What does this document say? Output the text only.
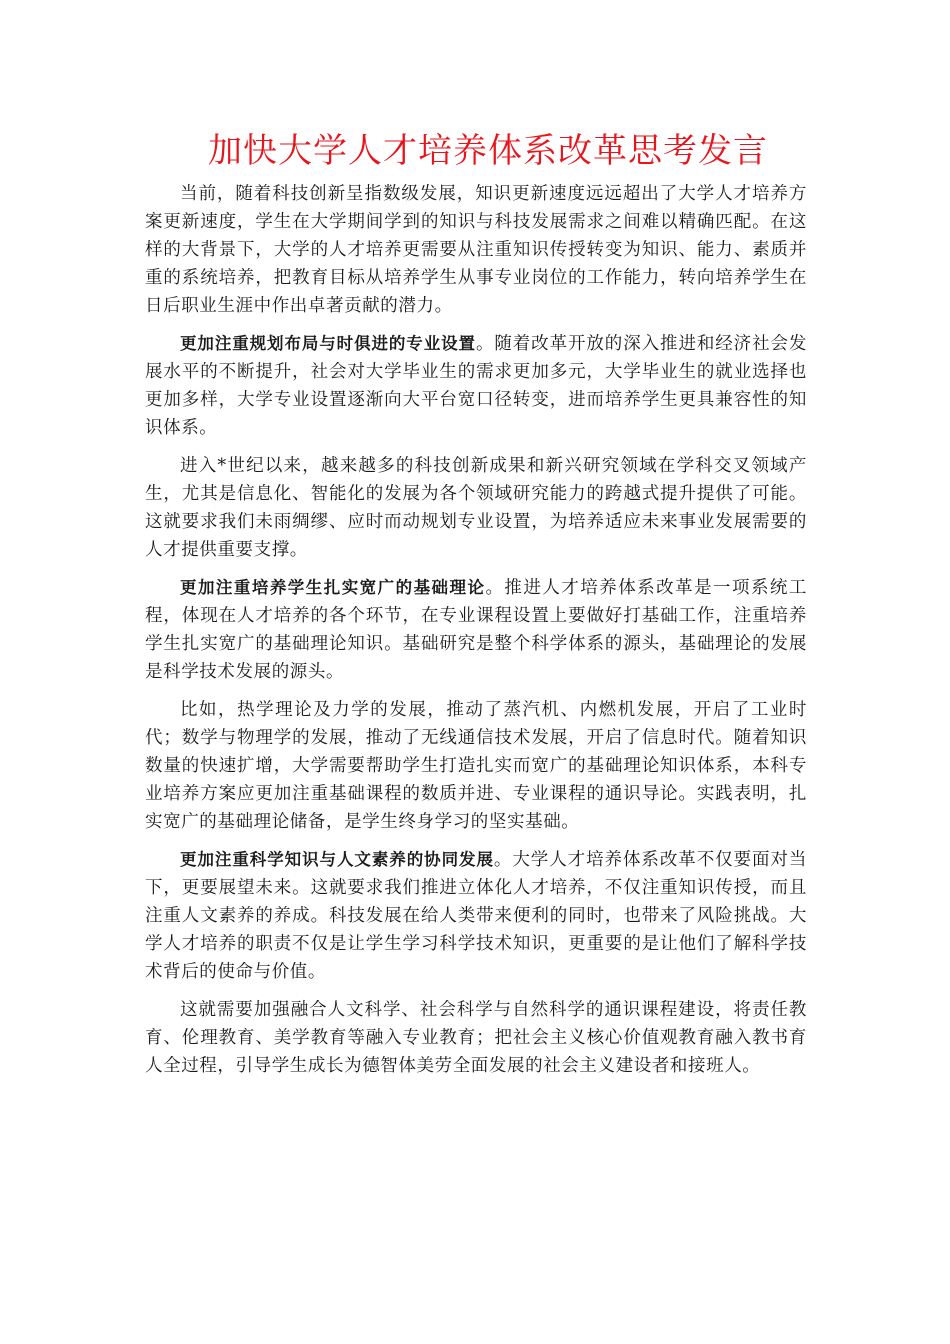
加快大学人才培养体系改革思考发言

当前，随着科技创新呈指数级发展，知识更新速度远远超出了大学人才培养方案更新速度，学生在大学期间学到的知识与科技发展需求之间难以精确匹配。在这样的大背景下，大学的人才培养更需要从注重知识传授转变为知识、能力、素质并重的系统培养，把教育目标从培养学生从事专业岗位的工作能力，转向培养学生在日后职业生涯中作出卓著贡献的潜力。

更加注重规划布局与时俱进的专业设置。随着改革开放的深入推进和经济社会发展水平的不断提升，社会对大学毕业生的需求更加多元，大学毕业生的就业选择也更加多样，大学专业设置逐渐向大平台宽口径转变，进而培养学生更具兼容性的知识体系。

进入*世纪以来，越来越多的科技创新成果和新兴研究领域在学科交叉领域产生，尤其是信息化、智能化的发展为各个领域研究能力的跨越式提升提供了可能。这就要求我们未雨绸缪、应时而动规划专业设置，为培养适应未来事业发展需要的人才提供重要支撑。

更加注重培养学生扎实宽广的基础理论。推进人才培养体系改革是一项系统工程，体现在人才培养的各个环节，在专业课程设置上要做好打基础工作，注重培养学生扎实宽广的基础理论知识。基础研究是整个科学体系的源头，基础理论的发展是科学技术发展的源头。

比如，热学理论及力学的发展，推动了蒸汽机、内燃机发展，开启了工业时代；数学与物理学的发展，推动了无线通信技术发展，开启了信息时代。随着知识数量的快速扩增，大学需要帮助学生打造扎实而宽广的基础理论知识体系，本科专业培养方案应更加注重基础课程的数质并进、专业课程的通识导论。实践表明，扎实宽广的基础理论储备，是学生终身学习的坚实基础。

更加注重科学知识与人文素养的协同发展。大学人才培养体系改革不仅要面对当下，更要展望未来。这就要求我们推进立体化人才培养，不仅注重知识传授，而且注重人文素养的养成。科技发展在给人类带来便利的同时，也带来了风险挑战。大学人才培养的职责不仅是让学生学习科学技术知识，更重要的是让他们了解科学技术背后的使命与价值。

这就需要加强融合人文科学、社会科学与自然科学的通识课程建设，将责任教育、伦理教育、美学教育等融入专业教育；把社会主义核心价值观教育融入教书育人全过程，引导学生成长为德智体美劳全面发展的社会主义建设者和接班人。
